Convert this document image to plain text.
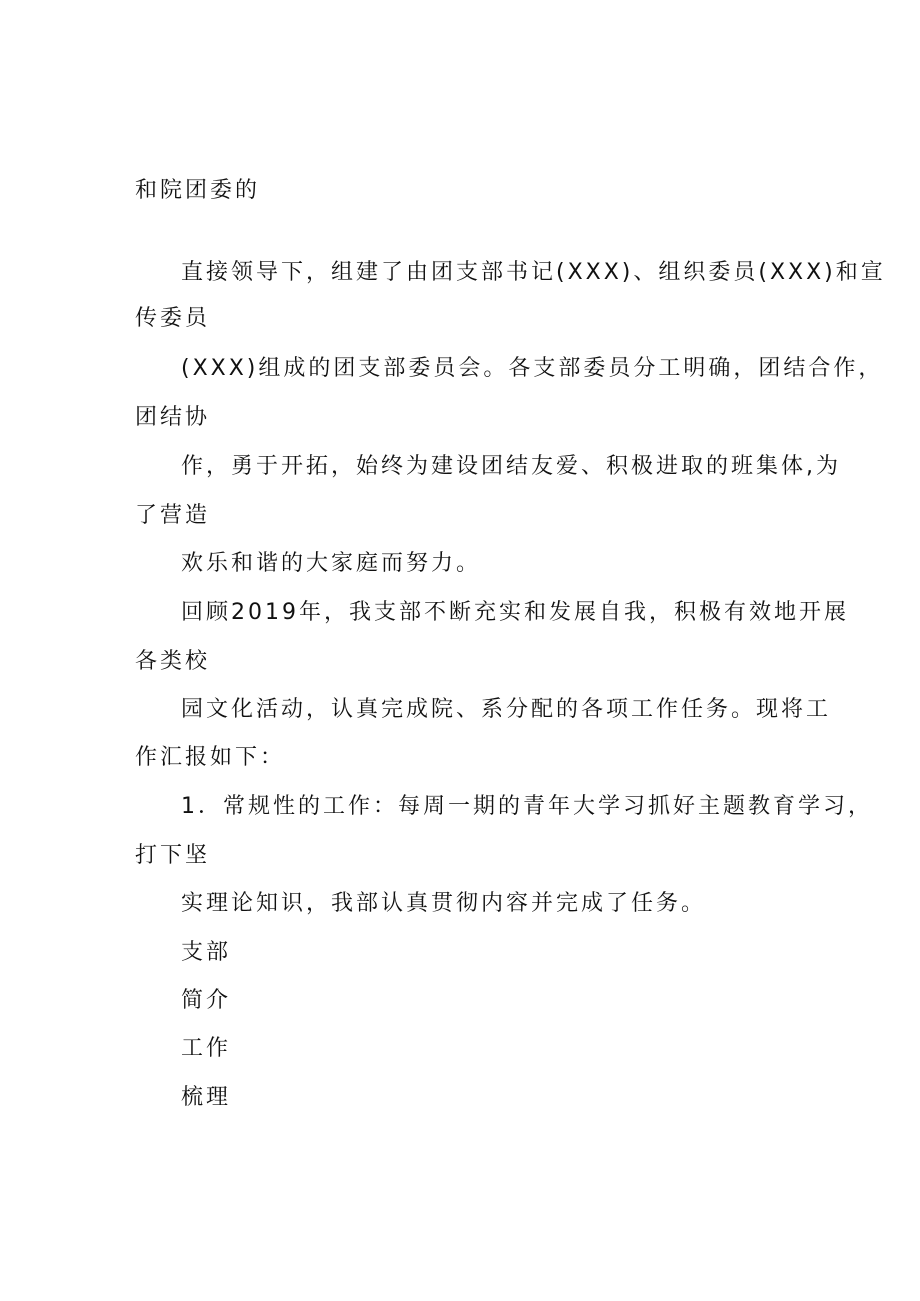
和院团委的
直接领导下，组建了由团支部书记(XXX)、组织委员(XXX)和宣
传委员
(XXX)组成的团支部委员会。各支部委员分工明确，团结合作，
团结协
作，勇于开拓，始终为建设团结友爱、积极进取的班集体,为
了营造
欢乐和谐的大家庭而努力。
回顾2019年，我支部不断充实和发展自我，积极有效地开展
各类校
园文化活动，认真完成院、系分配的各项工作任务。现将工
作汇报如下：
1．常规性的工作：每周一期的青年大学习抓好主题教育学习，
打下坚
实理论知识，我部认真贯彻内容并完成了任务。
支部
简介
工作
梳理
